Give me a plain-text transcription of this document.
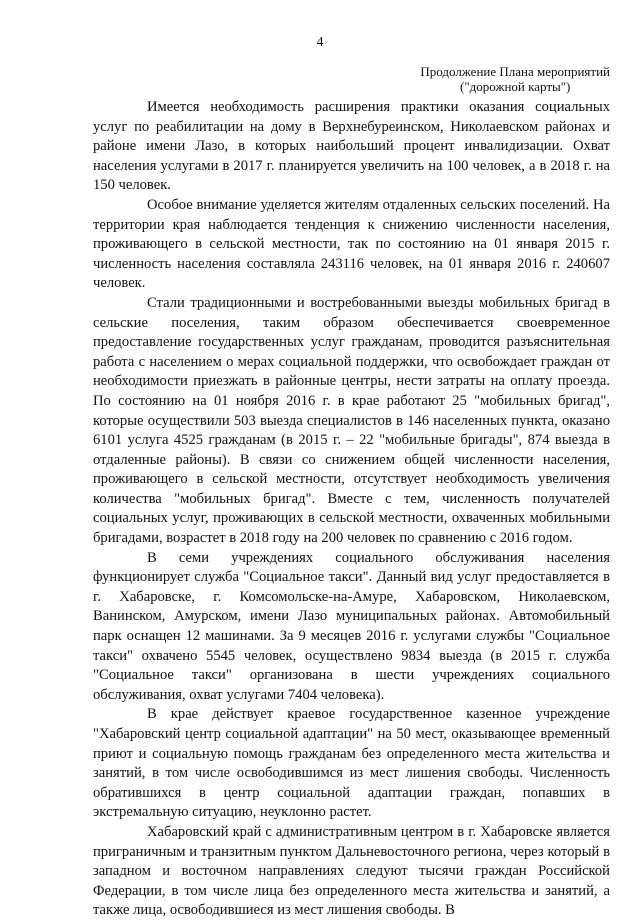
4
Продолжение Плана мероприятий
("дорожной карты")

Имеется необходимость расширения практики оказания социальных услуг по реабилитации на дому в Верхнебуреинском, Николаевском районах и районе имени Лазо, в которых наибольший процент инвалидизации. Охват населения услугами в 2017 г. планируется увеличить на 100 человек, а в 2018 г. на 150 человек.

Особое внимание уделяется жителям отдаленных сельских поселений. На территории края наблюдается тенденция к снижению численности населения, проживающего в сельской местности, так по состоянию на 01 января 2015 г. численность населения составляла 243116 человек, на 01 января 2016 г. 240607 человек.

Стали традиционными и востребованными выезды мобильных бригад в сельские поселения, таким образом обеспечивается своевременное предоставление государственных услуг гражданам, проводится разъяснительная работа с населением о мерах социальной поддержки, что освобождает граждан от необходимости приезжать в районные центры, нести затраты на оплату проезда. По состоянию на 01 ноября 2016 г. в крае работают 25 "мобильных бригад", которые осуществили 503 выезда специалистов в 146 населенных пункта, оказано 6101 услуга 4525 гражданам (в 2015 г. – 22 "мобильные бригады", 874 выезда в отдаленные районы). В связи со снижением общей численности населения, проживающего в сельской местности, отсутствует необходимость увеличения количества "мобильных бригад". Вместе с тем, численность получателей социальных услуг, проживающих в сельской местности, охваченных мобильными бригадами, возрастет в 2018 году на 200 человек по сравнению с 2016 годом.

В семи учреждениях социального обслуживания населения функционирует служба "Социальное такси". Данный вид услуг предоставляется в г. Хабаровске, г. Комсомольске-на-Амуре, Хабаровском, Николаевском, Ванинском, Амурском, имени Лазо муниципальных районах. Автомобильный парк оснащен 12 машинами. За 9 месяцев 2016 г. услугами службы "Социальное такси" охвачено 5545 человек, осуществлено 9834 выезда (в 2015 г. служба "Социальное такси" организована в шести учреждениях социального обслуживания, охват услугами 7404 человека).

В крае действует краевое государственное казенное учреждение "Хабаровский центр социальной адаптации" на 50 мест, оказывающее временный приют и социальную помощь гражданам без определенного места жительства и занятий, в том числе освободившимся из мест лишения свободы. Численность обратившихся в центр социальной адаптации граждан, попавших в экстремальную ситуацию, неуклонно растет.

Хабаровский край с административным центром в г. Хабаровске является приграничным и транзитным пунктом Дальневосточного региона, через который в западном и восточном направлениях следуют тысячи граждан Российской Федерации, в том числе лица без определенного места жительства и занятий, а также лица, освободившиеся из мест лишения свободы. В
